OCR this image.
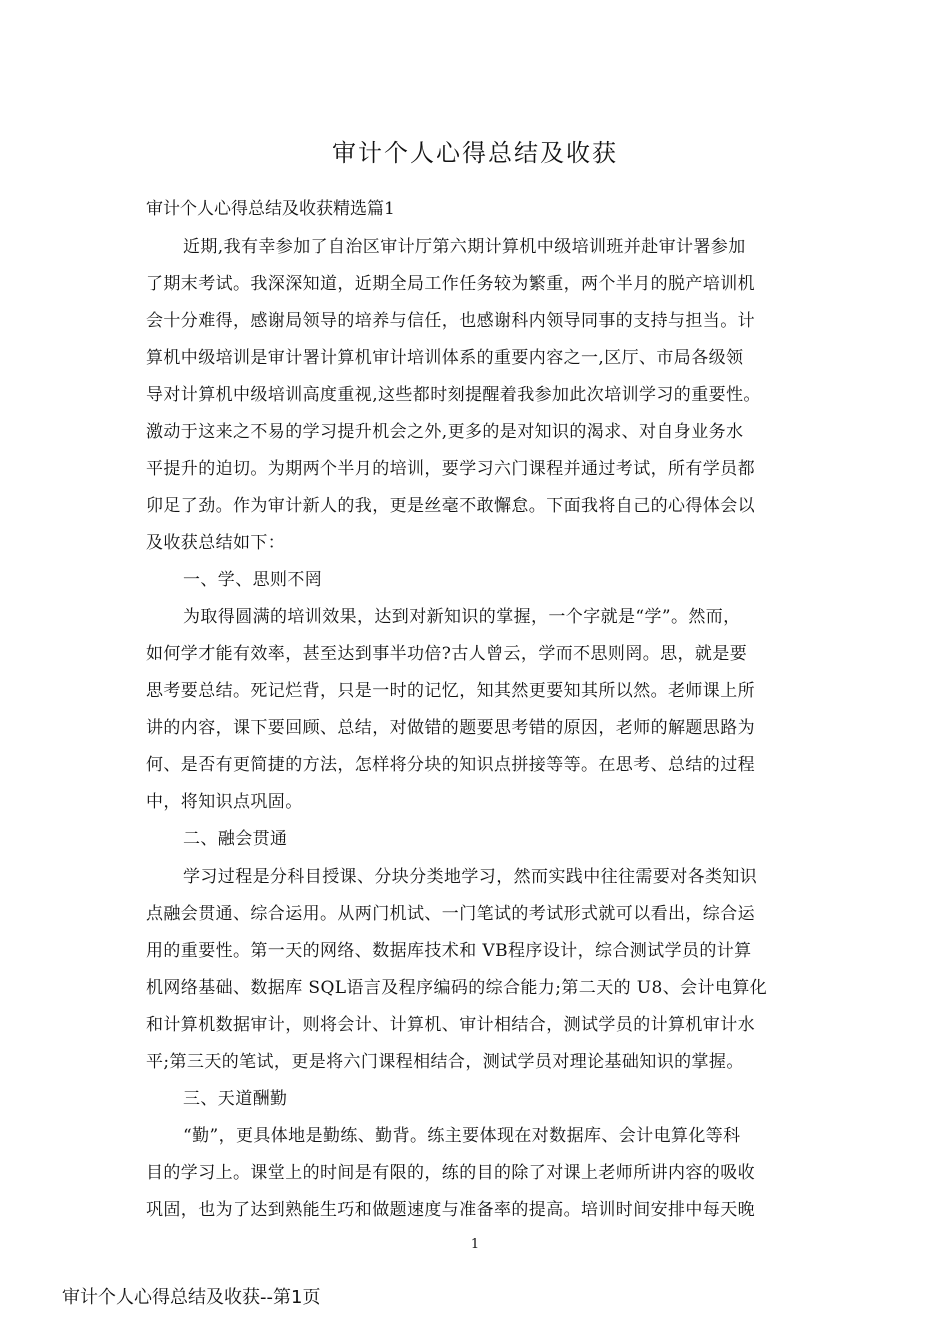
审计个人心得总结及收获
审计个人心得总结及收获精选篇1
近期,我有幸参加了自治区审计厅第六期计算机中级培训班并赴审计署参加
了期末考试。我深深知道，近期全局工作任务较为繁重，两个半月的脱产培训机
会十分难得，感谢局领导的培养与信任，也感谢科内领导同事的支持与担当。计
算机中级培训是审计署计算机审计培训体系的重要内容之一,区厅、市局各级领
导对计算机中级培训高度重视,这些都时刻提醒着我参加此次培训学习的重要性。
激动于这来之不易的学习提升机会之外,更多的是对知识的渴求、对自身业务水
平提升的迫切。为期两个半月的培训，要学习六门课程并通过考试，所有学员都
卯足了劲。作为审计新人的我，更是丝毫不敢懈怠。下面我将自己的心得体会以
及收获总结如下：
一、学、思则不罔
为取得圆满的培训效果，达到对新知识的掌握，一个字就是“学”。然而，
如何学才能有效率，甚至达到事半功倍?古人曾云，学而不思则罔。思，就是要
思考要总结。死记烂背，只是一时的记忆，知其然更要知其所以然。老师课上所
讲的内容，课下要回顾、总结，对做错的题要思考错的原因，老师的解题思路为
何、是否有更简捷的方法，怎样将分块的知识点拼接等等。在思考、总结的过程
中，将知识点巩固。
二、融会贯通
学习过程是分科目授课、分块分类地学习，然而实践中往往需要对各类知识
点融会贯通、综合运用。从两门机试、一门笔试的考试形式就可以看出，综合运
用的重要性。第一天的网络、数据库技术和 VB程序设计，综合测试学员的计算
机网络基础、数据库 SQL语言及程序编码的综合能力;第二天的 U8、会计电算化
和计算机数据审计，则将会计、计算机、审计相结合，测试学员的计算机审计水
平;第三天的笔试，更是将六门课程相结合，测试学员对理论基础知识的掌握。
三、天道酬勤
“勤”，更具体地是勤练、勤背。练主要体现在对数据库、会计电算化等科
目的学习上。课堂上的时间是有限的，练的目的除了对课上老师所讲内容的吸收
巩固，也为了达到熟能生巧和做题速度与准备率的提高。培训时间安排中每天晚
1
审计个人心得总结及收获--第1页
